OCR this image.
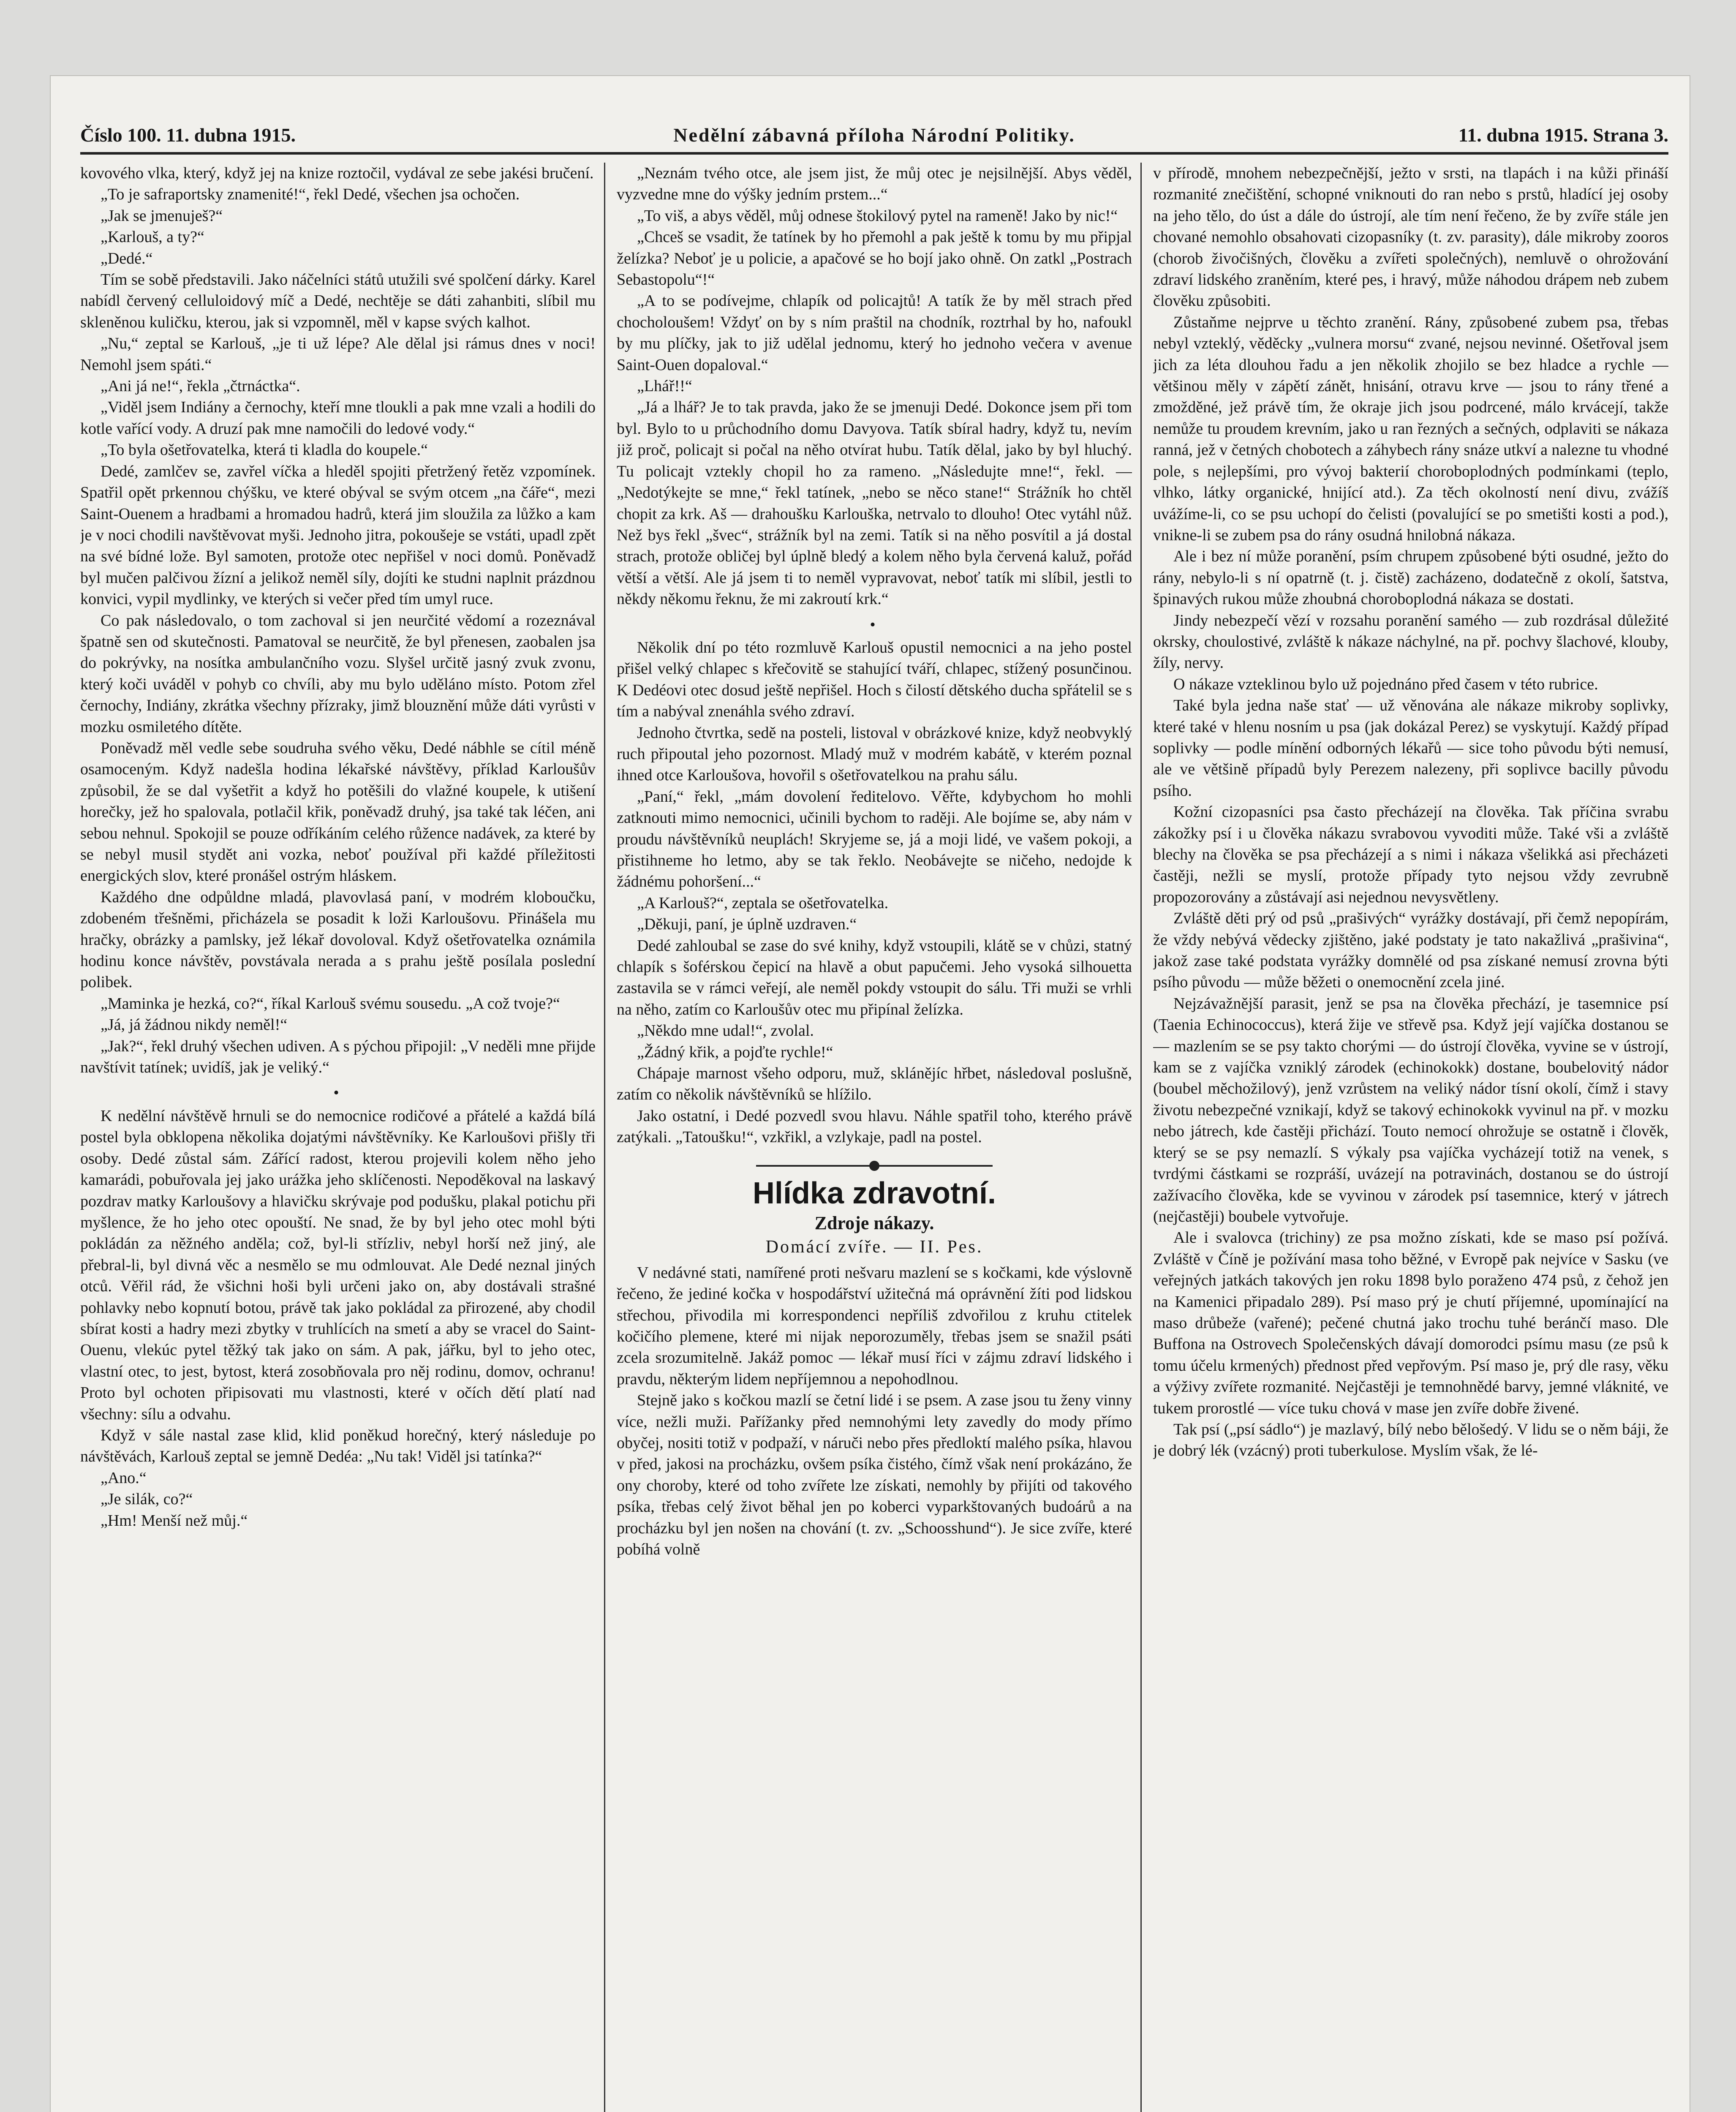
Číslo 100. 11. dubna 1915.	Nedělní zábavná příloha Národní Politiky.	11. dubna 1915. Strana 3.

kovového vlka, který, když jej na knize roztočil, vydával ze sebe jakési bručení.

„To je safraportsky znamenité!“, řekl Dedé, všechen jsa ochočen.

„Jak se jmenuješ?“

„Karlouš, a ty?“

„Dedé.“

Tím se sobě představili. Jako náčelníci států utužili své spolčení dárky. Karel nabídl červený celluloidový míč a Dedé, nechtěje se dáti zahanbiti, slíbil mu skleněnou kuličku, kterou, jak si vzpomněl, měl v kapse svých kalhot.

„Nu,“ zeptal se Karlouš, „je ti už lépe? Ale dělal jsi rámus dnes v noci! Nemohl jsem spáti.“

„Ani já ne!“, řekla „čtrnáctka“.

„Viděl jsem Indiány a černochy, kteří mne tloukli a pak mne vzali a hodili do kotle vařící vody. A druzí pak mne namočili do ledové vody.“

„To byla ošetřovatelka, která ti kladla do koupele.“

Dedé, zamlčev se, zavřel víčka a hleděl spojiti přetržený řetěz vzpomínek. Spatřil opět prkennou chýšku, ve které obýval se svým otcem „na čáře“, mezi Saint-Ouenem a hradbami a hromadou hadrů, která jim sloužila za lůžko a kam je v noci chodili navštěvovat myši. Jednoho jitra, pokoušeje se vstáti, upadl zpět na své bídné lože. Byl samoten, protože otec nepřišel v noci domů. Poněvadž byl mučen palčivou žízní a jelikož neměl síly, dojíti ke studni naplnit prázdnou konvici, vypil mydlinky, ve kterých si večer před tím umyl ruce.

Co pak následovalo, o tom zachoval si jen neurčité vědomí a rozeznával špatně sen od skutečnosti. Pamatoval se neurčitě, že byl přenesen, zaobalen jsa do pokrývky, na nosítka ambulančního vozu. Slyšel určitě jasný zvuk zvonu, který koči uváděl v pohyb co chvíli, aby mu bylo uděláno místo. Potom zřel černochy, Indiány, zkrátka všechny přízraky, jimž blouznění může dáti vyrůsti v mozku osmiletého dítěte.

Poněvadž měl vedle sebe soudruha svého věku, Dedé nábhle se cítil méně osamoceným. Když nadešla hodina lékařské návštěvy, příklad Karloušův způsobil, že se dal vyšetřit a když ho potěšili do vlažné koupele, k utišení horečky, jež ho spalovala, potlačil křik, poněvadž druhý, jsa také tak léčen, ani sebou nehnul. Spokojil se pouze odříkáním celého růžence nadávek, za které by se nebyl musil stydět ani vozka, neboť používal při každé příležitosti energických slov, které pronášel ostrým hláskem.

Každého dne odpůldne mladá, plavovlasá paní, v modrém kloboučku, zdobeném třešněmi, přicházela se posadit k loži Karloušovu. Přinášela mu hračky, obrázky a pamlsky, jež lékař dovoloval. Když ošetřovatelka oznámila hodinu konce návštěv, povstávala nerada a s prahu ještě posílala poslední polibek.

„Maminka je hezká, co?“, říkal Karlouš svému sousedu. „A což tvoje?“

„Já, já žádnou nikdy neměl!“

„Jak?“, řekl druhý všechen udiven. A s pýchou připojil: „V neděli mne přijde navštívit tatínek; uvidíš, jak je veliký.“

•

K nedělní návštěvě hrnuli se do nemocnice rodičové a přátelé a každá bílá postel byla obklopena několika dojatými návštěvníky. Ke Karloušovi přišly tři osoby. Dedé zůstal sám. Zářící radost, kterou projevili kolem něho jeho kamarádi, pobuřovala jej jako urážka jeho sklíčenosti. Nepoděkoval na laskavý pozdrav matky Karloušovy a hlavičku skrývaje pod podušku, plakal potichu při myšlence, že ho jeho otec opouští. Ne snad, že by byl jeho otec mohl býti pokládán za něžného anděla; což, byl-li střízliv, nebyl horší než jiný, ale přebral-li, byl divná věc a nesmělo se mu odmlouvat. Ale Dedé neznal jiných otců. Věřil rád, že všichni hoši byli určeni jako on, aby dostávali strašné pohlavky nebo kopnutí botou, právě tak jako pokládal za přirozené, aby chodil sbírat kosti a hadry mezi zbytky v truhlících na smetí a aby se vracel do Saint-Ouenu, vlekúc pytel těžký tak jako on sám. A pak, jářku, byl to jeho otec, vlastní otec, to jest, bytost, která zosobňovala pro něj rodinu, domov, ochranu! Proto byl ochoten připisovati mu vlastnosti, které v očích dětí platí nad všechny: sílu a odvahu.

Když v sále nastal zase klid, klid poněkud horečný, který následuje po návštěvách, Karlouš zeptal se jemně Dedéa: „Nu tak! Viděl jsi tatínka?“

„Ano.“

„Je silák, co?“

„Hm! Menší než můj.“

„Neznám tvého otce, ale jsem jist, že můj otec je nejsilnější. Abys věděl, vyzvedne mne do výšky jedním prstem...“

„To viš, a abys věděl, můj odnese štokilový pytel na rameně! Jako by nic!“

„Chceš se vsadit, že tatínek by ho přemohl a pak ještě k tomu by mu připjal želízka? Neboť je u policie, a apačové se ho bojí jako ohně. On zatkl „Postrach Sebastopolu“!“

„A to se podívejme, chlapík od policajtů! A tatík že by měl strach před chocholoušem! Vždyť on by s ním praštil na chodník, roztrhal by ho, nafoukl by mu plíčky, jak to již udělal jednomu, který ho jednoho večera v avenue Saint-Ouen dopaloval.“

„Lhář!!“

„Já a lhář? Je to tak pravda, jako že se jmenuji Dedé. Dokonce jsem při tom byl. Bylo to u průchodního domu Davyova. Tatík sbíral hadry, když tu, nevím již proč, policajt si počal na něho otvírat hubu. Tatík dělal, jako by byl hluchý. Tu policajt vztekly chopil ho za rameno. „Následujte mne!“, řekl. — „Nedotýkejte se mne,“ řekl tatínek, „nebo se něco stane!“ Strážník ho chtěl chopit za krk. Aš — drahoušku Karlouška, netrvalo to dlouho! Otec vytáhl nůž. Než bys řekl „švec“, strážník byl na zemi. Tatík si na něho posvítil a já dostal strach, protože obličej byl úplně bledý a kolem něho byla červená kaluž, pořád větší a větší. Ale já jsem ti to neměl vypravovat, neboť tatík mi slíbil, jestli to někdy někomu řeknu, že mi zakroutí krk.“

•

Několik dní po této rozmluvě Karlouš opustil nemocnici a na jeho postel přišel velký chlapec s křečovitě se stahující tváří, chlapec, stížený posunčinou. K Dedéovi otec dosud ještě nepřišel. Hoch s čilostí dětského ducha spřátelil se s tím a nabýval znenáhla svého zdraví.

Jednoho čtvrtka, sedě na posteli, listoval v obrázkové knize, když neobvyklý ruch připoutal jeho pozornost. Mladý muž v modrém kabátě, v kterém poznal ihned otce Karloušova, hovořil s ošetřovatelkou na prahu sálu.

„Paní,“ řekl, „mám dovolení ředitelovo. Věřte, kdybychom ho mohli zatknouti mimo nemocnici, učinili bychom to raději. Ale bojíme se, aby nám v proudu návštěvníků neuplách! Skryjeme se, já a moji lidé, ve vašem pokoji, a přistihneme ho letmo, aby se tak řeklo. Neobávejte se ničeho, nedojde k žádnému pohoršení...“

„A Karlouš?“, zeptala se ošetřovatelka.

„Děkuji, paní, je úplně uzdraven.“

Dedé zahloubal se zase do své knihy, když vstoupili, klátě se v chůzi, statný chlapík s šoférskou čepicí na hlavě a obut papučemi. Jeho vysoká silhouetta zastavila se v rámci veřejí, ale neměl pokdy vstoupit do sálu. Tři muži se vrhli na něho, zatím co Karloušův otec mu připínal želízka.

„Někdo mne udal!“, zvolal.

„Žádný křik, a pojďte rychle!“

Chápaje marnost všeho odporu, muž, sklánějíc hřbet, následoval poslušně, zatím co několik návštěvníků se hlížilo.

Jako ostatní, i Dedé pozvedl svou hlavu. Náhle spatřil toho, kterého právě zatýkali. „Tatoušku!“, vzkřikl, a vzlykaje, padl na postel.

Hlídka zdravotní.
Zdroje nákazy.
Domácí zvíře. — II. Pes.

V nedávné stati, namířené proti nešvaru mazlení se s kočkami, kde výslovně řečeno, že jediné kočka v hospodářství užitečná má oprávnění žíti pod lidskou střechou, přivodila mi korrespondenci nepříliš zdvořilou z kruhu ctitelek kočičího plemene, které mi nijak neporozuměly, třebas jsem se snažil psáti zcela srozumitelně. Jakáž pomoc — lékař musí říci v zájmu zdraví lidského i pravdu, některým lidem nepříjemnou a nepohodlnou.

Stejně jako s kočkou mazlí se četní lidé i se psem. A zase jsou tu ženy vinny více, nežli muži. Pařížanky před nemnohými lety zavedly do mody přímo obyčej, nositi totiž v podpaží, v náruči nebo přes předloktí malého psíka, hlavou v před, jakosi na procházku, ovšem psíka čistého, čímž však není prokázáno, že ony choroby, které od toho zvířete lze získati, nemohly by přijíti od takového psíka, třebas celý život běhal jen po koberci vyparkštovaných budoárů a na procházku byl jen nošen na chování (t. zv. „Schoosshund“). Je sice zvíře, které pobíhá volně

v přírodě, mnohem nebezpečnější, ježto v srsti, na tlapách i na kůži přináší rozmanité znečištění, schopné vniknouti do ran nebo s prstů, hladící jej osoby na jeho tělo, do úst a dále do ústrojí, ale tím není řečeno, že by zvíře stále jen chované nemohlo obsahovati cizopasníky (t. zv. parasity), dále mikroby zooros (chorob živočišných, člověku a zvířeti společných), nemluvě o ohrožování zdraví lidského zraněním, které pes, i hravý, může náhodou drápem neb zubem člověku způsobiti.

Zůstaňme nejprve u těchto zranění. Rány, způsobené zubem psa, třebas nebyl vzteklý, věděcky „vulnera morsu“ zvané, nejsou nevinné. Ošetřoval jsem jich za léta dlouhou řadu a jen několik zhojilo se bez hladce a rychle — většinou měly v zápětí zánět, hnisání, otravu krve — jsou to rány třené a zmožděné, jež právě tím, že okraje jich jsou podrcené, málo krvácejí, takže nemůže tu proudem krevním, jako u ran řezných a sečných, odplaviti se nákaza ranná, jež v četných chobotech a záhybech rány snáze utkví a nalezne tu vhodné pole, s nejlepšími, pro vývoj bakterií choroboplodných podmínkami (teplo, vlhko, látky organické, hnijící atd.). Za těch okolností není divu, zvážíš uvážíme-li, co se psu uchopí do čelisti (povalující se po smetišti kosti a pod.), vnikne-li se zubem psa do rány osudná hnilobná nákaza.

Ale i bez ní může poranění, psím chrupem způsobené býti osudné, ježto do rány, nebylo-li s ní opatrně (t. j. čistě) zacházeno, dodatečně z okolí, šatstva, špinavých rukou může zhoubná choroboplodná nákaza se dostati.

Jindy nebezpečí vězí v rozsahu poranění samého — zub rozdrásal důležité okrsky, choulostivé, zvláště k nákaze náchylné, na př. pochvy šlachové, klouby, žíly, nervy.

O nákaze vzteklinou bylo už pojednáno před časem v této rubrice.

Také byla jedna naše stať — už věnována ale nákaze mikroby soplivky, které také v hlenu nosním u psa (jak dokázal Perez) se vyskytují. Každý případ soplivky — podle mínění odborných lékařů — sice toho původu býti nemusí, ale ve většině případů byly Perezem nalezeny, při soplivce bacilly původu psího.

Kožní cizopasníci psa často přecházejí na člověka. Tak příčina svrabu zákožky psí i u člověka nákazu svrabovou vyvoditi může. Také vši a zvláště blechy na člověka se psa přecházejí a s nimi i nákaza všelikká asi přecházeti častěji, nežli se myslí, protože případy tyto nejsou vždy zevrubně propozorovány a zůstávají asi nejednou nevysvětleny.

Zvláště děti prý od psů „prašivých“ vyrážky dostávají, při čemž nepopírám, že vždy nebývá vědecky zjištěno, jaké podstaty je tato nakažlivá „prašivina“, jakož zase také podstata vyrážky domnělé od psa získané nemusí zrovna býti psího původu — může běžeti o onemocnění zcela jiné.

Nejzávažnější parasit, jenž se psa na člověka přechází, je tasemnice psí (Taenia Echinococcus), která žije ve střevě psa. Když její vajíčka dostanou se — mazlením se se psy takto chorými — do ústrojí člověka, vyvine se v ústrojí, kam se z vajíčka vzniklý zárodek (echinokokk) dostane, boubelovitý nádor (boubel měchožilový), jenž vzrůstem na veliký nádor tísní okolí, čímž i stavy životu nebezpečné vznikají, když se takový echinokokk vyvinul na př. v mozku nebo játrech, kde častěji přichází. Touto nemocí ohrožuje se ostatně i člověk, který se se psy nemazlí. S výkaly psa vajíčka vycházejí totiž na venek, s tvrdými částkami se rozpráší, uvázejí na potravinách, dostanou se do ústrojí zažívacího člověka, kde se vyvinou v zárodek psí tasemnice, který v játrech (nejčastěji) boubele vytvořuje.

Ale i svalovca (trichiny) ze psa možno získati, kde se maso psí požívá. Zvláště v Číně je požívání masa toho běžné, v Evropě pak nejvíce v Sasku (ve veřejných jatkách takových jen roku 1898 bylo poraženo 474 psů, z čehož jen na Kamenici připadalo 289). Psí maso prý je chutí příjemné, upomínající na maso drůbeže (vařené); pečené chutná jako trochu tuhé beránčí maso. Dle Buffona na Ostrovech Společenských dávají domorodci psímu masu (ze psů k tomu účelu krmených) přednost před vepřovým. Psí maso je, prý dle rasy, věku a výživy zvířete rozmanité. Nejčastěji je temnohnědé barvy, jemné vláknité, ve tukem prorostlé — více tuku chová v mase jen zvíře dobře živené.

Tak psí („psí sádlo“) je mazlavý, bílý nebo bělošedý. V lidu se o něm báji, že je dobrý lék (vzácný) proti tuberkulose. Myslím však, že lé-
